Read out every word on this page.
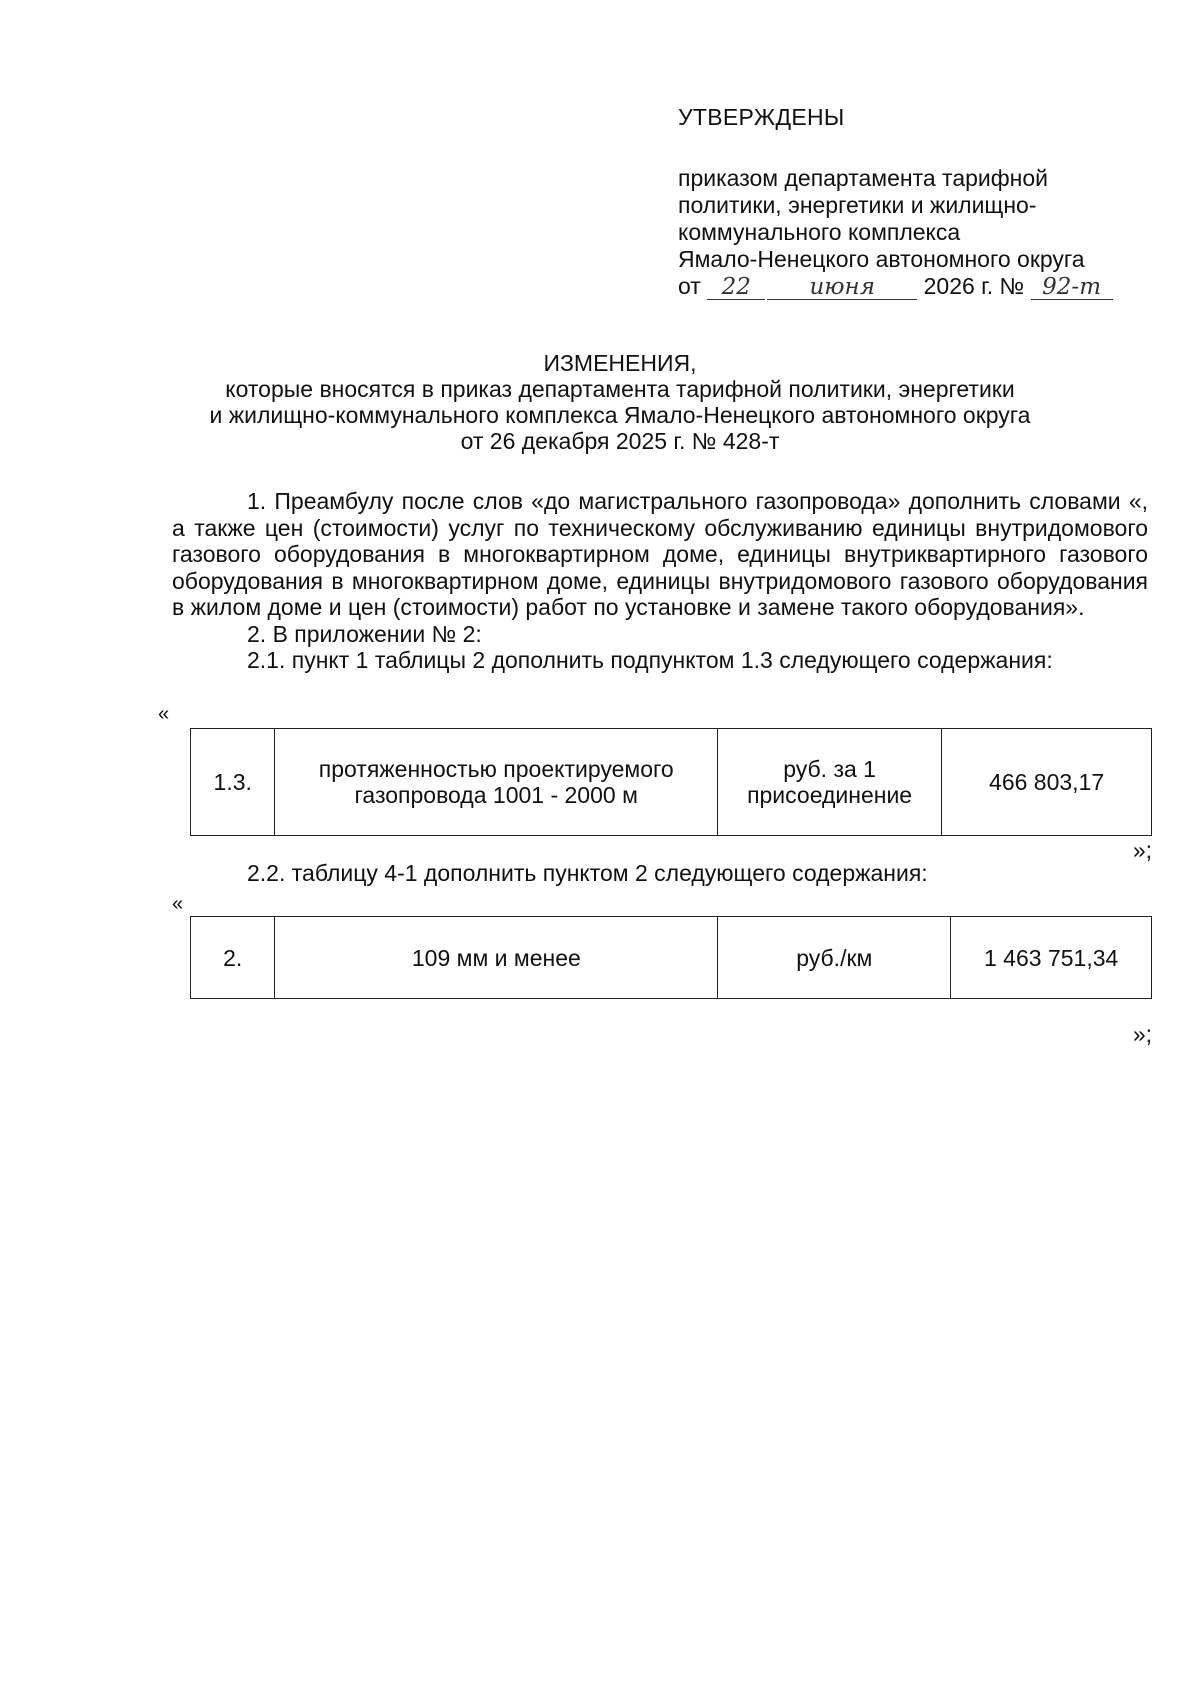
УТВЕРЖДЕНЫ
приказом департамента тарифной
политики, энергетики и жилищно-
коммунального комплекса
Ямало-Ненецкого автономного округа
от 22	июня 2026 г. № 92-т
ИЗМЕНЕНИЯ,
которые вносятся в приказ департамента тарифной политики, энергетики
и жилищно-коммунального комплекса Ямало-Ненецкого автономного округа
от 26 декабря 2025 г. № 428-т

1. Преамбулу после слов «до магистрального газопровода» дополнить словами «, а также цен (стоимости) услуг по техническому обслуживанию единицы внутридомового газового оборудования в многоквартирном доме, единицы внутриквартирного газового оборудования в многоквартирном доме, единицы внутридомового газового оборудования в жилом доме и цен (стоимости) работ по установке и замене такого оборудования».

2. В приложении № 2:

2.1. пункт 1 таблицы 2 дополнить подпунктом 1.3 следующего содержания:

«
1.3.	протяженностью проектируемого газопровода 1001 - 2000 м	руб. за 1 присоединение	466 803,17
»;

2.2. таблицу 4-1 дополнить пунктом 2 следующего содержания:

«
2.	109 мм и менее	руб./км	1 463 751,34
»;
